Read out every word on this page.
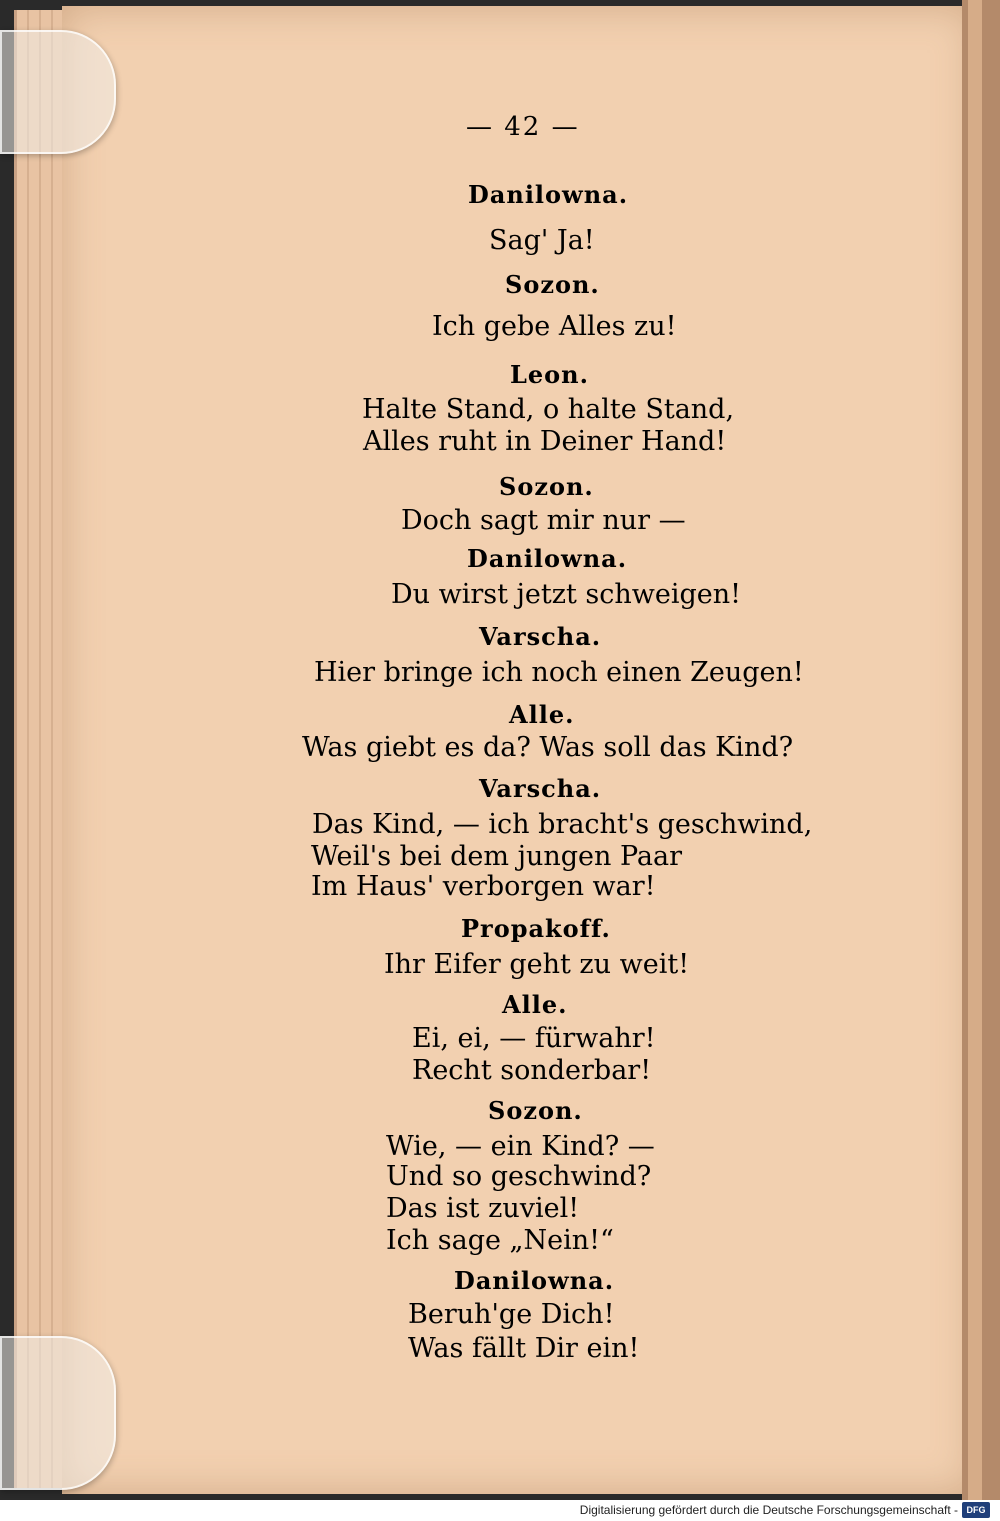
— 42 —
Danilowna.
Sag' Ja!
Sozon.
Ich gebe Alles zu!
Leon.
Halte Stand, o halte Stand,
Alles ruht in Deiner Hand!
Sozon.
Doch sagt mir nur —
Danilowna.
Du wirst jetzt schweigen!
Varscha.
Hier bringe ich noch einen Zeugen!
Alle.
Was giebt es da? Was soll das Kind?
Varscha.
Das Kind, — ich bracht's geschwind,
Weil's bei dem jungen Paar
Im Haus' verborgen war!
Propakoff.
Ihr Eifer geht zu weit!
Alle.
Ei, ei, — fürwahr!
Recht sonderbar!
Sozon.
Wie, — ein Kind? —
Und so geschwind?
Das ist zuviel!
Ich sage „Nein!“
Danilowna.
Beruh'ge Dich!
Was fällt Dir ein!
Digitalisierung gefördert durch die Deutsche Forschungsgemeinschaft - DFG
